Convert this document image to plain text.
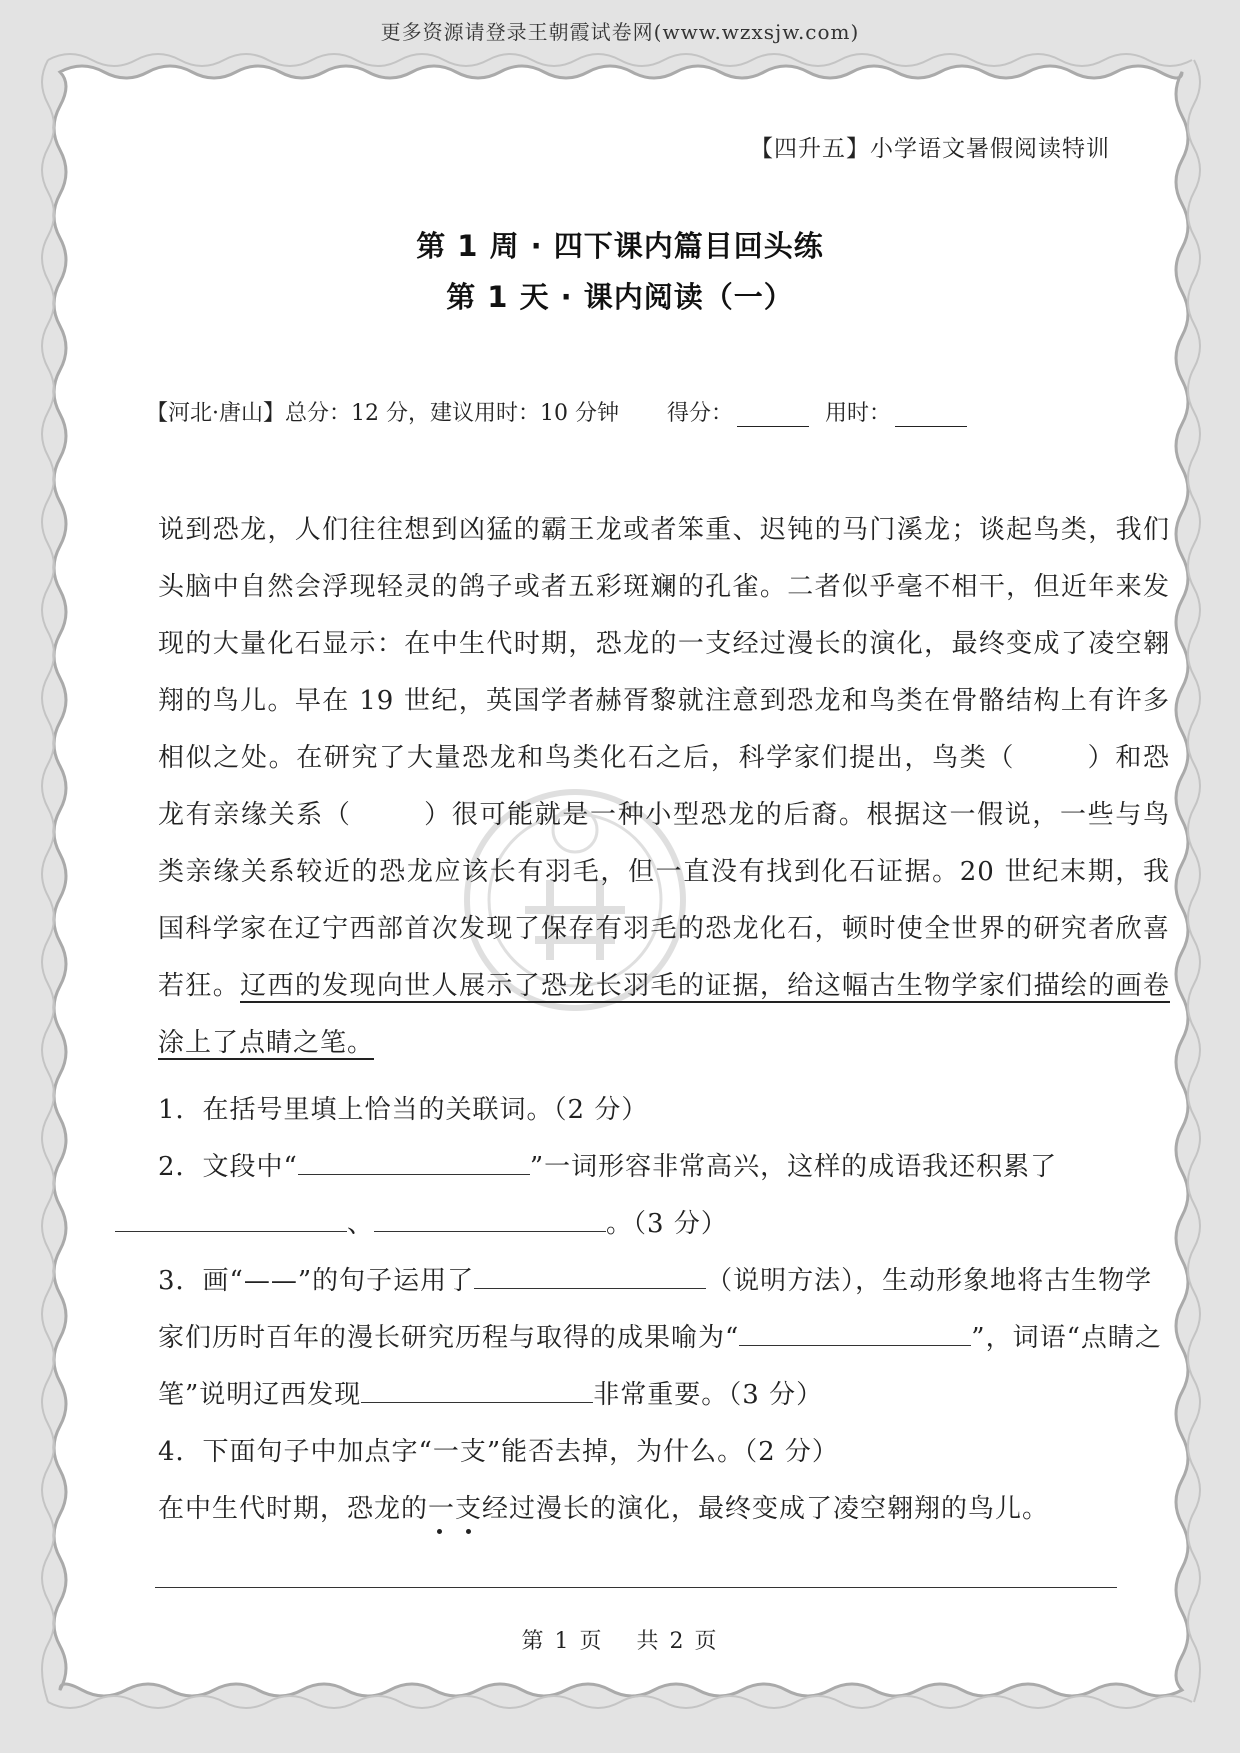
更多资源请登录王朝霞试卷网(www.wzxsjw.com)
【四升五】小学语文暑假阅读特训
第 1 周 · 四下课内篇目回头练
第 1 天 · 课内阅读（一）
【河北·唐山】总分：12 分，建议用时：10 分钟 得分：	用时：

说到恐龙，人们往往想到凶猛的霸王龙或者笨重、迟钝的马门溪龙；谈起鸟类，我们头脑中自然会浮现轻灵的鸽子或者五彩斑斓的孔雀。二者似乎毫不相干，但近年来发现的大量化石显示：在中生代时期，恐龙的一支经过漫长的演化，最终变成了凌空翱翔的鸟儿。早在 19 世纪，英国学者赫胥黎就注意到恐龙和鸟类在骨骼结构上有许多相似之处。在研究了大量恐龙和鸟类化石之后，科学家们提出，鸟类（	）和恐龙有亲缘关系（	）很可能就是一种小型恐龙的后裔。根据这一假说，一些与鸟类亲缘关系较近的恐龙应该长有羽毛，但一直没有找到化石证据。20 世纪末期，我国科学家在辽宁西部首次发现了保存有羽毛的恐龙化石，顿时使全世界的研究者欣喜若狂。辽西的发现向世人展示了恐龙长羽毛的证据，给这幅古生物学家们描绘的画卷涂上了点睛之笔。

1．在括号里填上恰当的关联词。（2 分）

2．文段中“	”一词形容非常高兴，这样的成语我还积累了
、	。（3 分）

3．画“——”的句子运用了	（说明方法），生动形象地将古生物学家们历时百年的漫长研究历程与取得的成果喻为“	”，词语“点睛之笔”说明辽西发现	非常重要。（3 分）

4．下面句子中加点字“一支”能否去掉，为什么。（2 分）

在中生代时期，恐龙的一支
经过漫长的演化，最终变成了凌空翱翔的鸟儿。

第 1 页　 共 2 页
